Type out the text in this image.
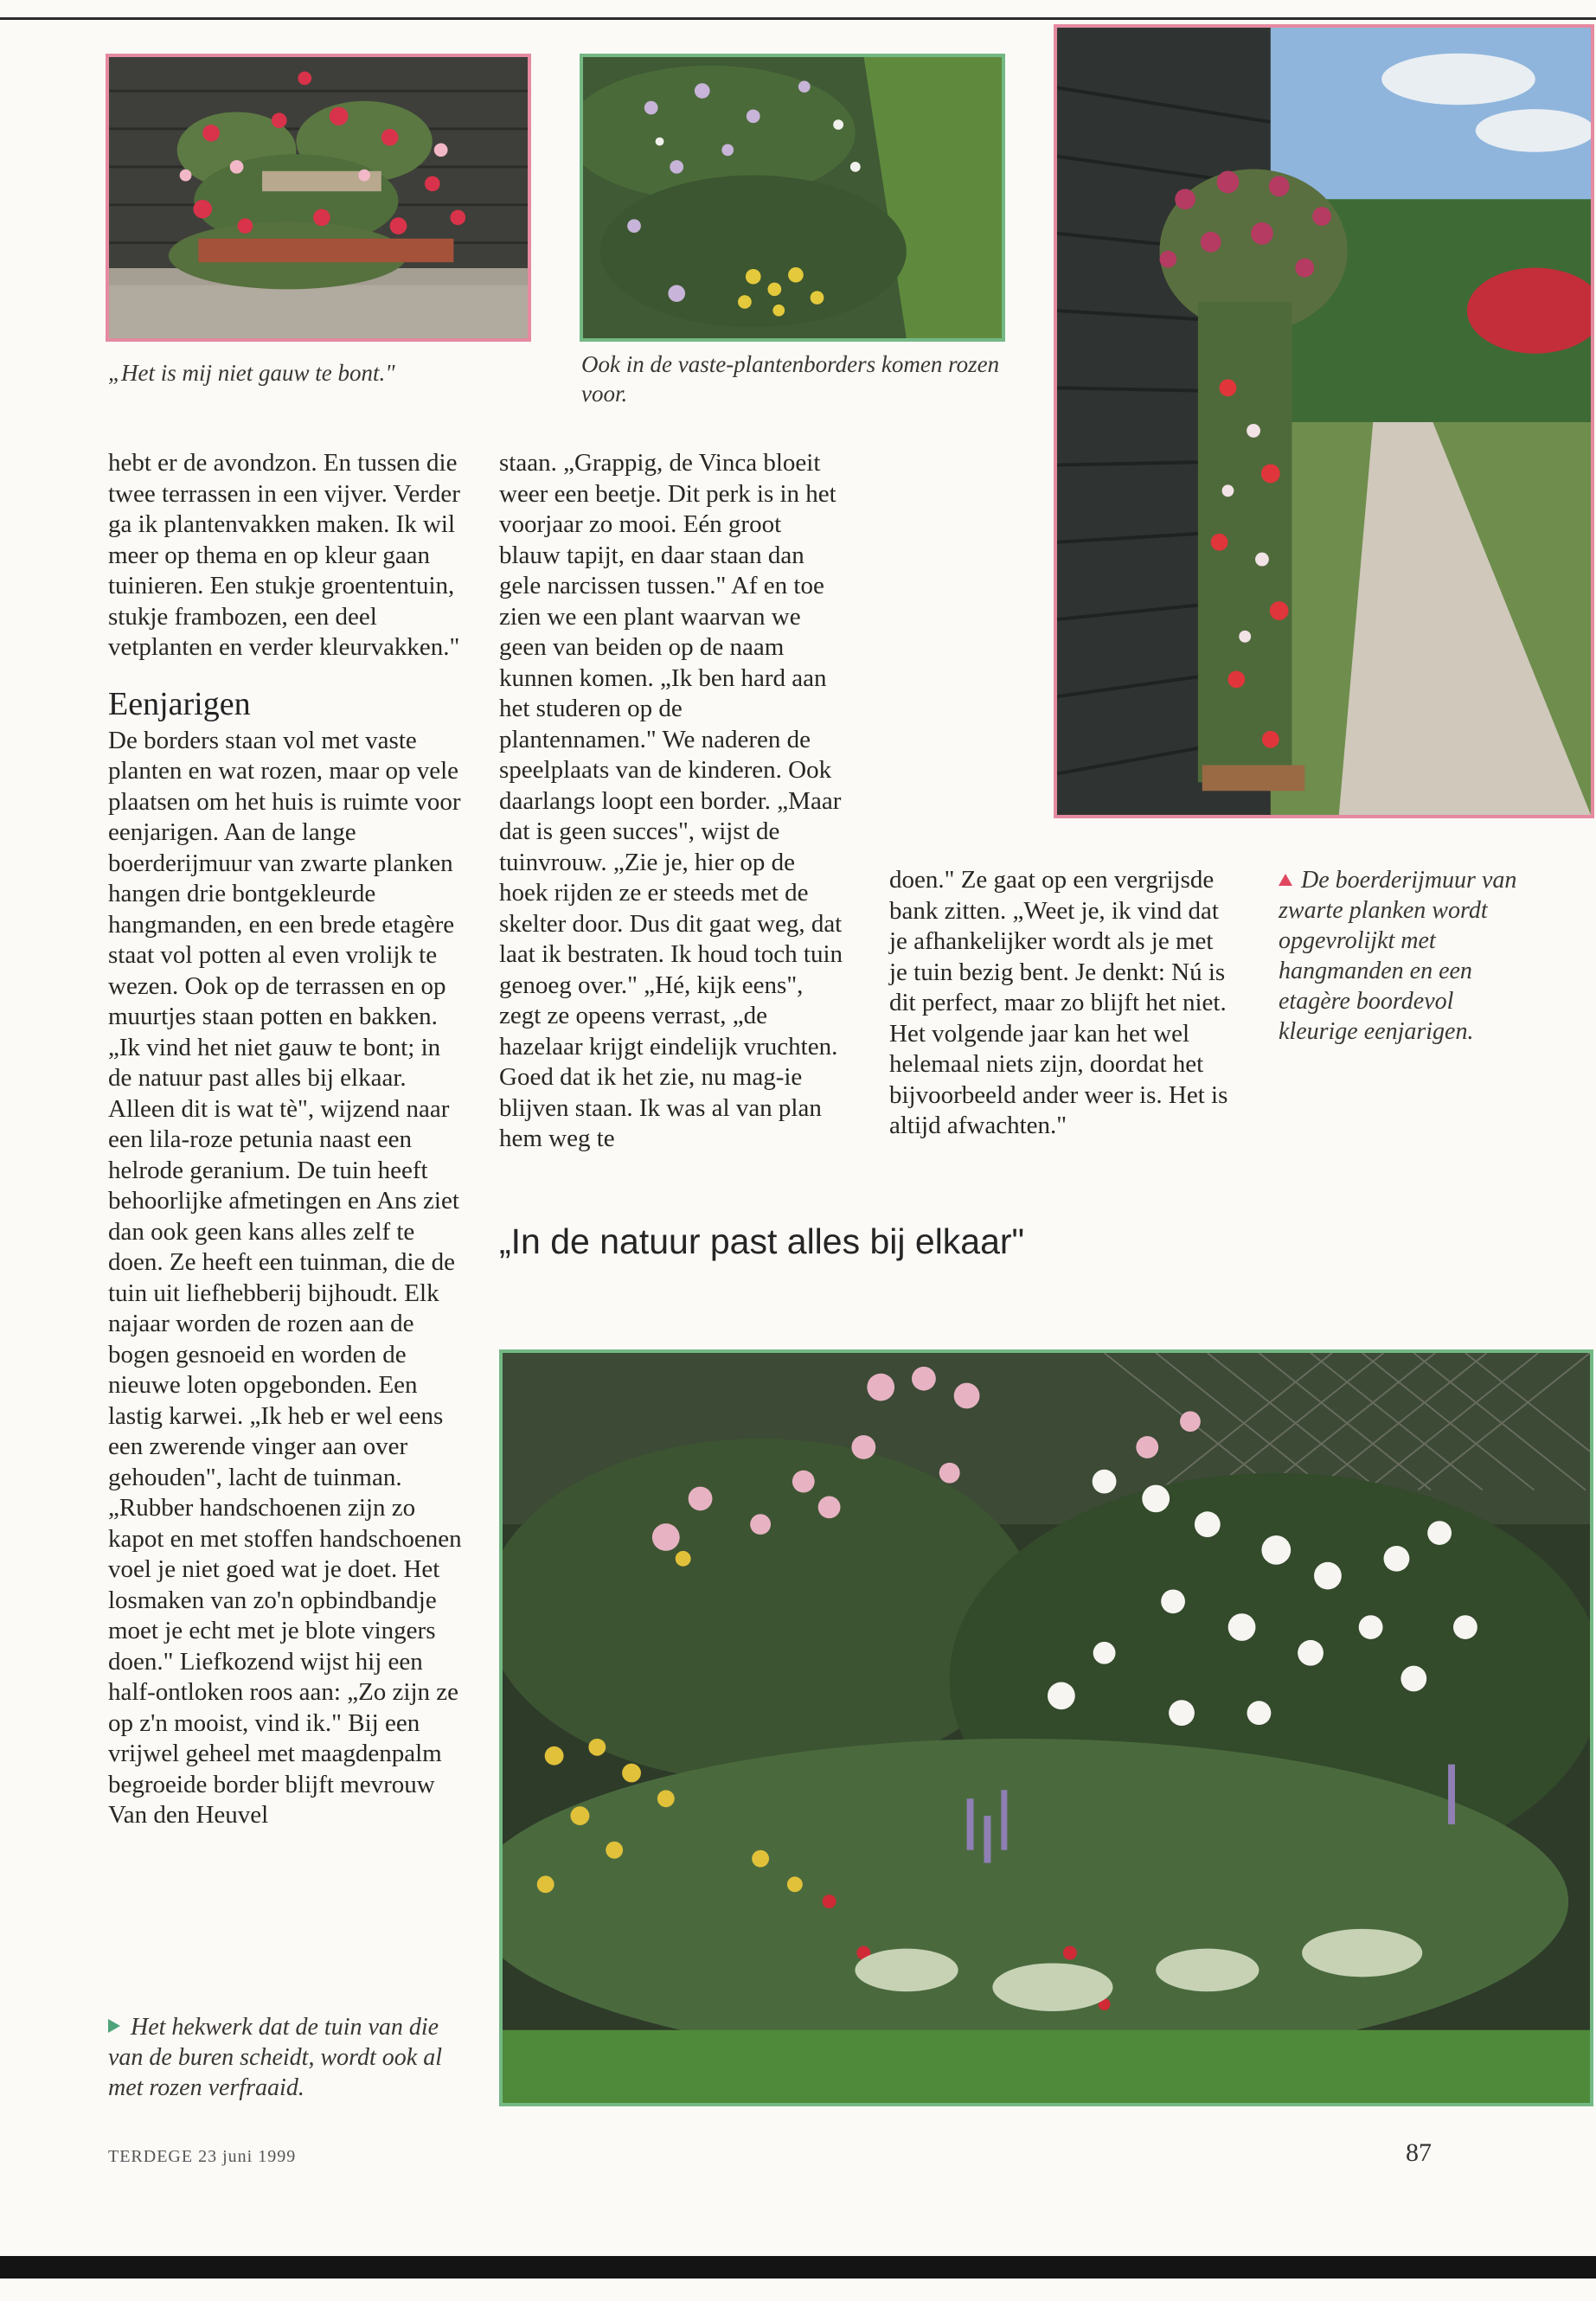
„Het is mij niet gauw te bont."	Ook in de vaste-plantenborders komen rozen voor.

hebt er de avondzon. En tussen die twee terrassen in een vijver. Verder ga ik plantenvakken maken. Ik wil meer op thema en op kleur gaan tuinieren. Een stukje groententuin, stukje frambozen, een deel vetplanten en verder kleurvakken."

Eenjarigen

De borders staan vol met vaste planten en wat rozen, maar op vele plaatsen om het huis is ruimte voor eenjarigen. Aan de lange boerderijmuur van zwarte planken hangen drie bontgekleurde hangmanden, en een brede etagère staat vol potten al even vrolijk te wezen. Ook op de terrassen en op muurtjes staan potten en bakken. „Ik vind het niet gauw te bont; in de natuur past alles bij elkaar. Alleen dit is wat tè", wijzend naar een lila-roze petunia naast een helrode geranium. De tuin heeft behoorlijke afmetingen en Ans ziet dan ook geen kans alles zelf te doen. Ze heeft een tuinman, die de tuin uit liefhebberij bijhoudt. Elk najaar worden de rozen aan de bogen gesnoeid en worden de nieuwe loten opgebonden. Een lastig karwei. „Ik heb er wel eens een zwerende vinger aan over gehouden", lacht de tuinman. „Rubber handschoenen zijn zo kapot en met stoffen handschoenen voel je niet goed wat je doet. Het losmaken van zo'n opbindbandje moet je echt met je blote vingers doen." Liefkozend wijst hij een half-ontloken roos aan: „Zo zijn ze op z'n mooist, vind ik." Bij een vrijwel geheel met maagdenpalm begroeide border blijft mevrouw Van den Heuvel

staan. „Grappig, de Vinca bloeit weer een beetje. Dit perk is in het voorjaar zo mooi. Eén groot blauw tapijt, en daar staan dan gele narcissen tussen." Af en toe zien we een plant waarvan we geen van beiden op de naam kunnen komen. „Ik ben hard aan het studeren op de plantennamen." We naderen de speelplaats van de kinderen. Ook daarlangs loopt een border. „Maar dat is geen succes", wijst de tuinvrouw. „Zie je, hier op de hoek rijden ze er steeds met de skelter door. Dus dit gaat weg, dat laat ik bestraten. Ik houd toch tuin genoeg over." „Hé, kijk eens", zegt ze opeens verrast, „de hazelaar krijgt eindelijk vruchten. Goed dat ik het zie, nu mag-ie blijven staan. Ik was al van plan hem weg te

doen." Ze gaat op een vergrijsde bank zitten. „Weet je, ik vind dat je afhankelijker wordt als je met je tuin bezig bent. Je denkt: Nú is dit perfect, maar zo blijft het niet. Het volgende jaar kan het wel helemaal niets zijn, doordat het bijvoorbeeld ander weer is. Het is altijd afwachten."

De boerderijmuur van zwarte planken wordt opgevrolijkt met hangmanden en een etagère boordevol kleurige eenjarigen.
„In de natuur past alles bij elkaar"
Het hekwerk dat de tuin van die van de buren scheidt, wordt ook al met rozen verfraaid.
TERDEGE 23 juni 1999	87
